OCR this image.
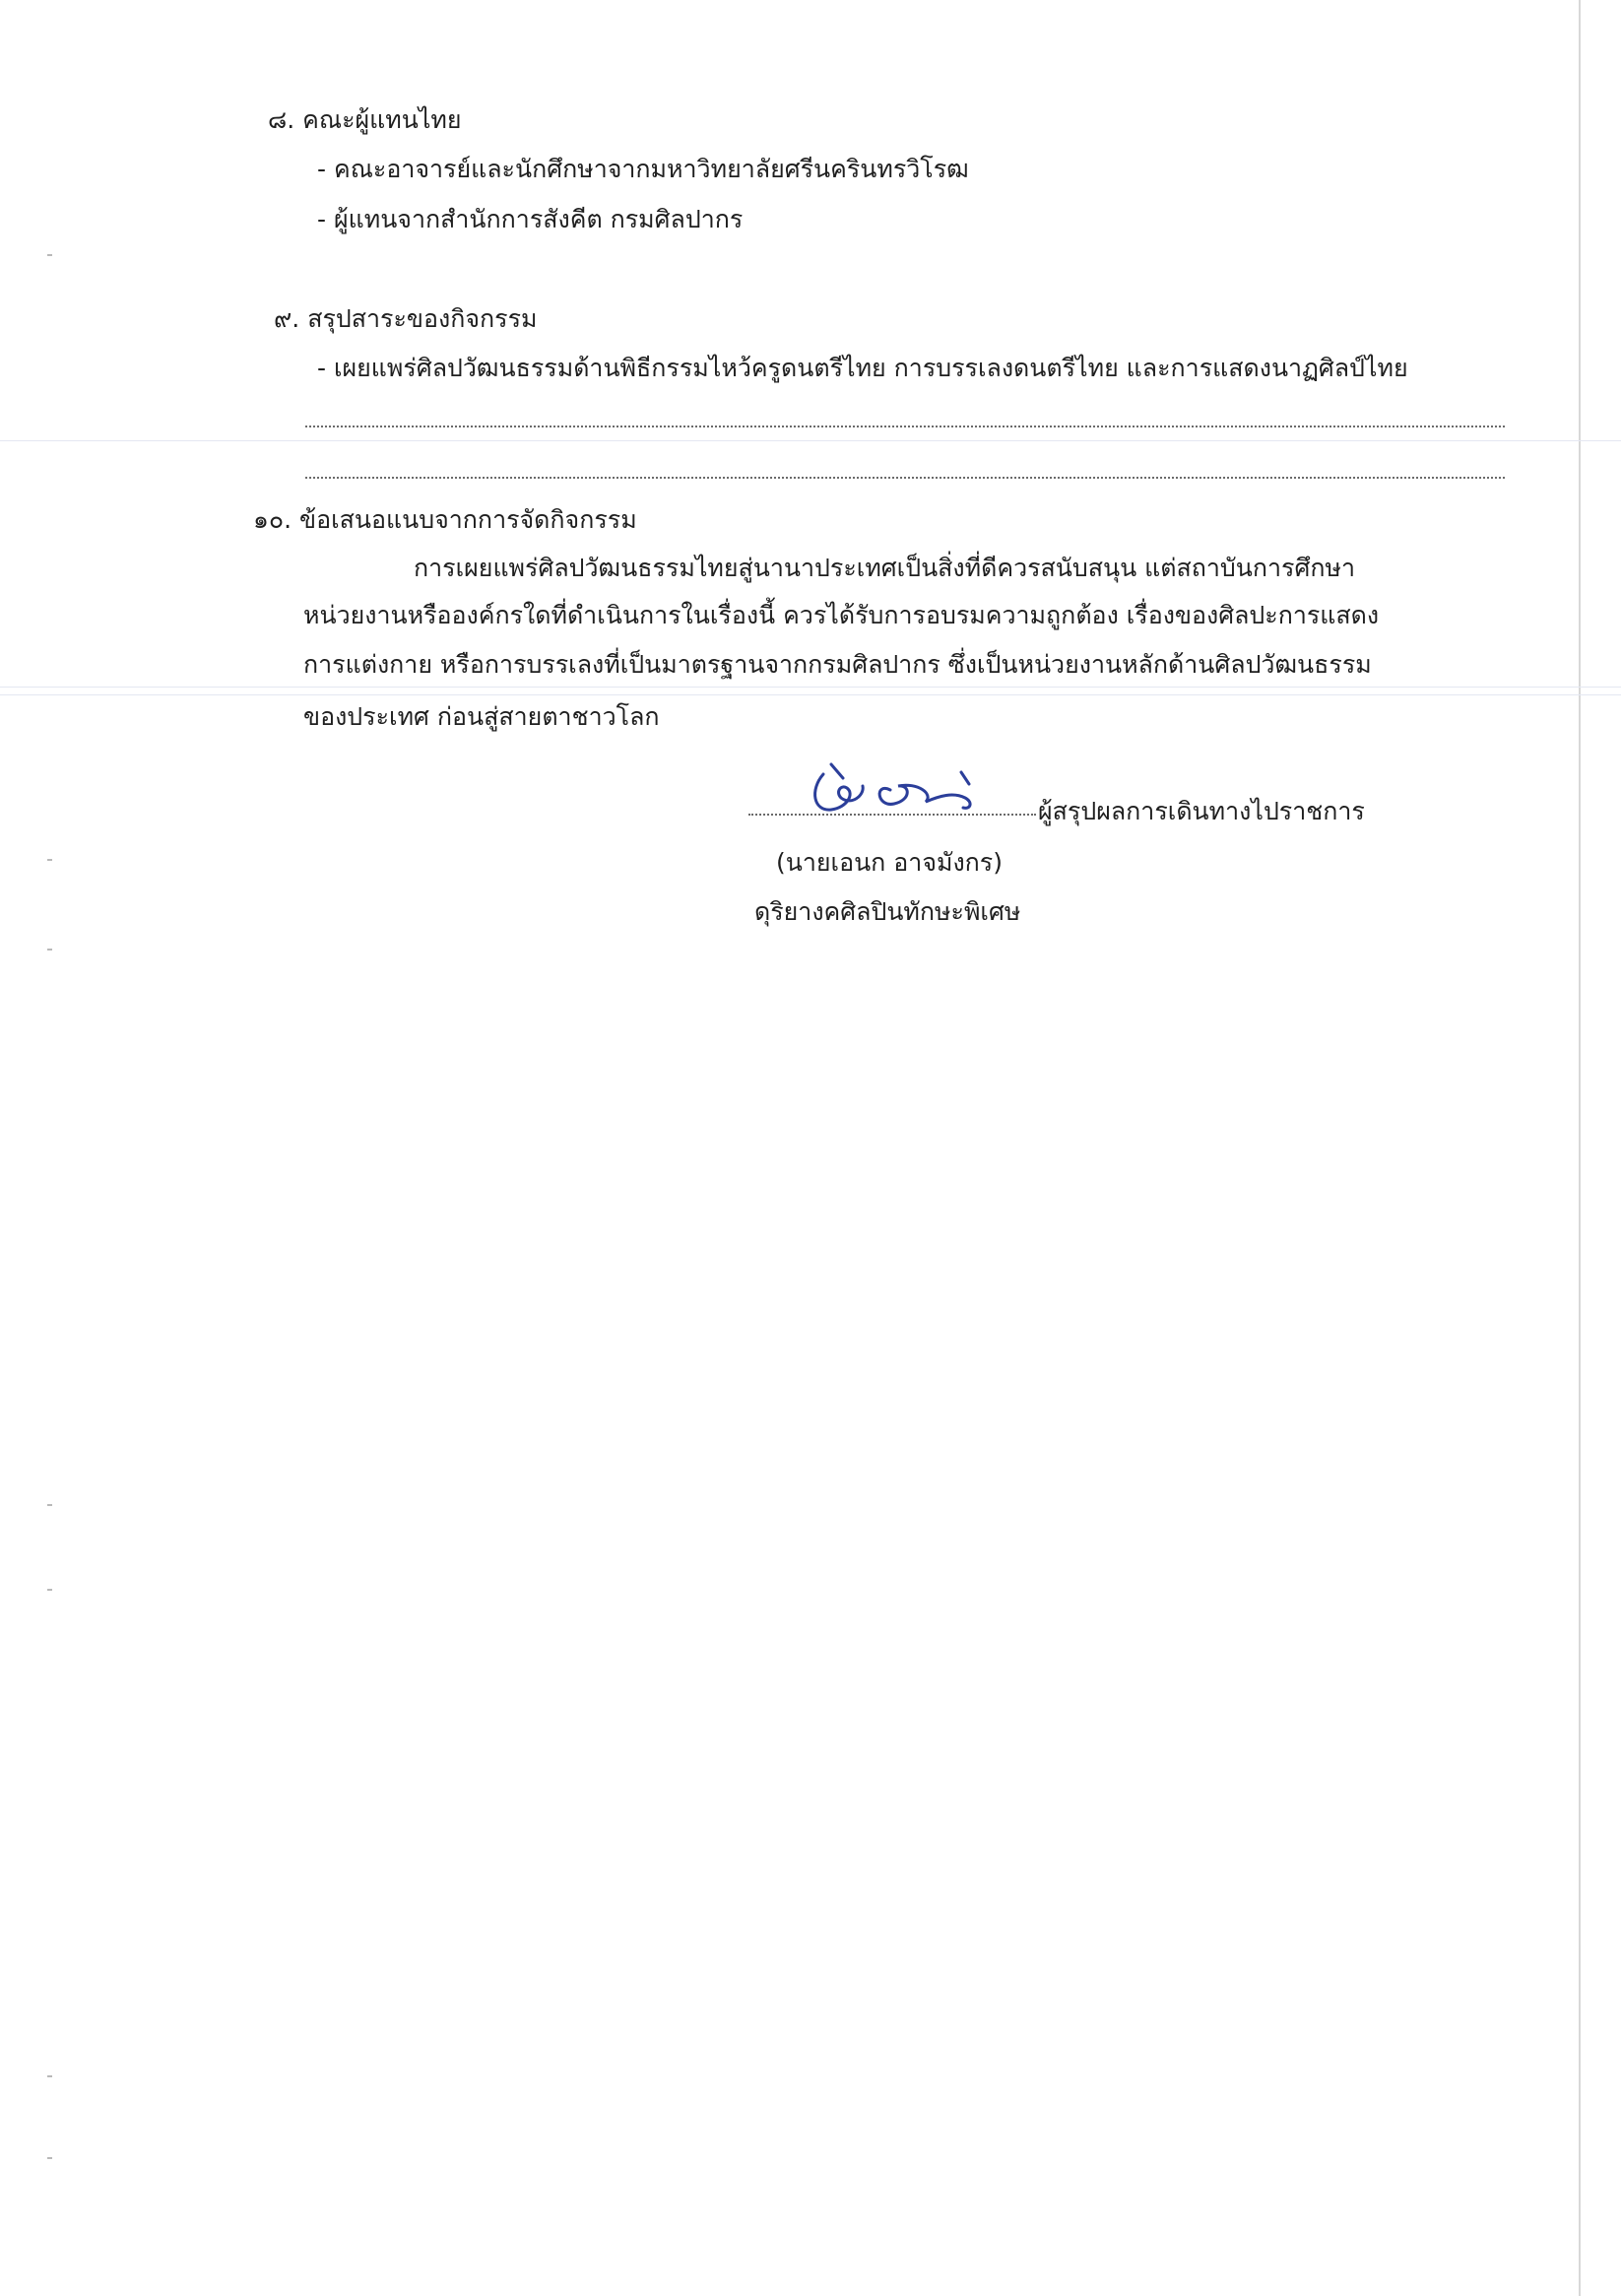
๘. คณะผู้แทนไทย
- คณะอาจารย์และนักศึกษาจากมหาวิทยาลัยศรีนครินทรวิโรฒ
- ผู้แทนจากสำนักการสังคีต กรมศิลปากร
๙. สรุปสาระของกิจกรรม
- เผยแพร่ศิลปวัฒนธรรมด้านพิธีกรรมไหว้ครูดนตรีไทย การบรรเลงดนตรีไทย และการแสดงนาฏศิลป์ไทย
๑๐. ข้อเสนอแนบจากการจัดกิจกรรม
การเผยแพร่ศิลปวัฒนธรรมไทยสู่นานาประเทศเป็นสิ่งที่ดีควรสนับสนุน แต่สถาบันการศึกษา
หน่วยงานหรือองค์กรใดที่ดำเนินการในเรื่องนี้ ควรได้รับการอบรมความถูกต้อง เรื่องของศิลปะการแสดง
การแต่งกาย หรือการบรรเลงที่เป็นมาตรฐานจากกรมศิลปากร ซึ่งเป็นหน่วยงานหลักด้านศิลปวัฒนธรรม
ของประเทศ ก่อนสู่สายตาชาวโลก
ผู้สรุปผลการเดินทางไปราชการ
(นายเอนก อาจมังกร)
ดุริยางคศิลปินทักษะพิเศษ
